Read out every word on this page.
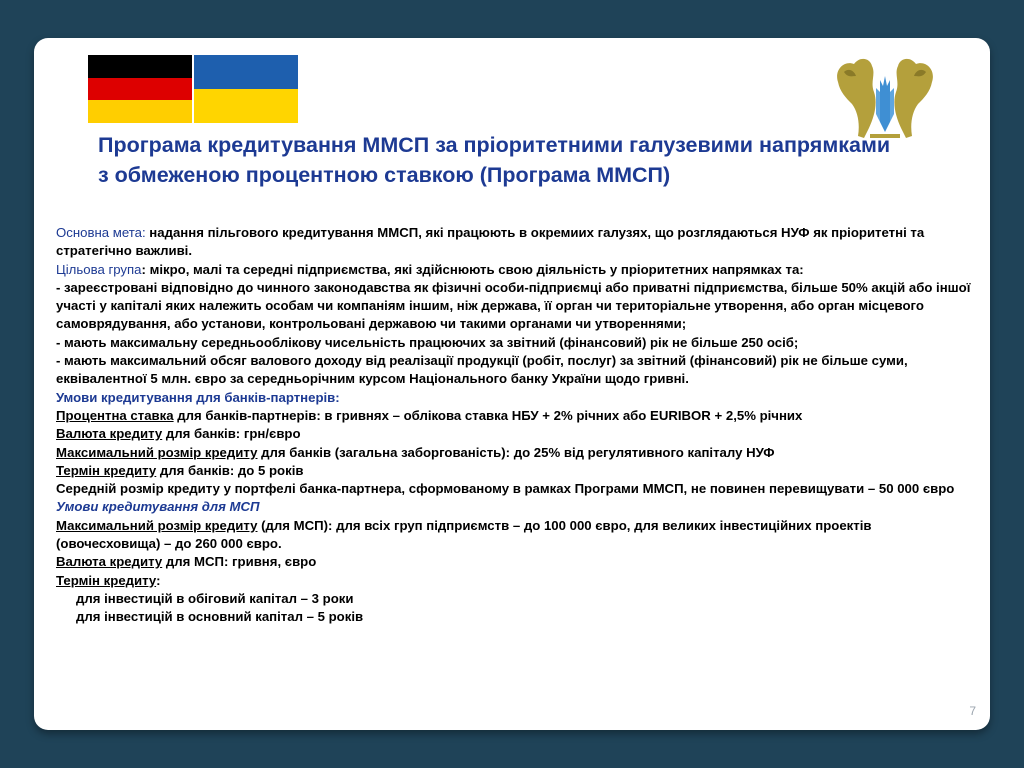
Програма кредитування ММСП за пріоритетними галузевими напрямками з обмеженою процентною ставкою (Програма ММСП)

Основна мета: надання пільгового кредитування ММСП, які працюють в окремиих галузях, що розглядаються НУФ як пріоритетні та стратегічно важливі.

Цільова група: мікро, малі та середні підприємства, які здійснюють свою діяльність у пріоритетних напрямках та:

- зареєстровані відповідно до чинного законодавства як фізичні особи-підприємці або приватні підприємства, більше 50% акцій або іншої участі у капіталі яких належить особам чи компаніям іншим, ніж держава, її орган чи територіальне утворення, або орган місцевого самоврядування, або установи, контрольовані державою чи такими органами чи утвореннями;

- мають максимальну середньооблікову чисельність працюючих за звітний (фінансовий) рік не більше 250 осіб;

- мають максимальний обсяг валового доходу від реалізації продукції (робіт, послуг) за звітний (фінансовий) рік не більше суми, еквівалентної 5 млн. євро за середньорічним курсом Національного банку України щодо гривні.

Умови кредитування для банків-партнерів:

Процентна ставка для банків-партнерів: в гривнях – облікова ставка НБУ + 2% річних або EURIBOR + 2,5% річних

Валюта кредиту для банків: грн/євро

Максимальний розмір кредиту для банків (загальна заборгованість): до 25% від регулятивного капіталу НУФ

Термін кредиту для банків: до 5 років

Середній розмір кредиту у портфелі банка-партнера, сформованому в рамках Програми ММСП, не повинен перевищувати – 50 000 євро

Умови кредитування для МСП

Максимальний розмір кредиту (для МСП): для всіх груп підприємств – до 100 000 євро, для великих інвестиційних проектів (овочесховища) – до 260 000 євро.

Валюта кредиту для МСП: гривня, євро

Термін кредиту:

для інвестицій в обіговий капітал – 3 роки

для інвестицій в основний капітал – 5 років

7
